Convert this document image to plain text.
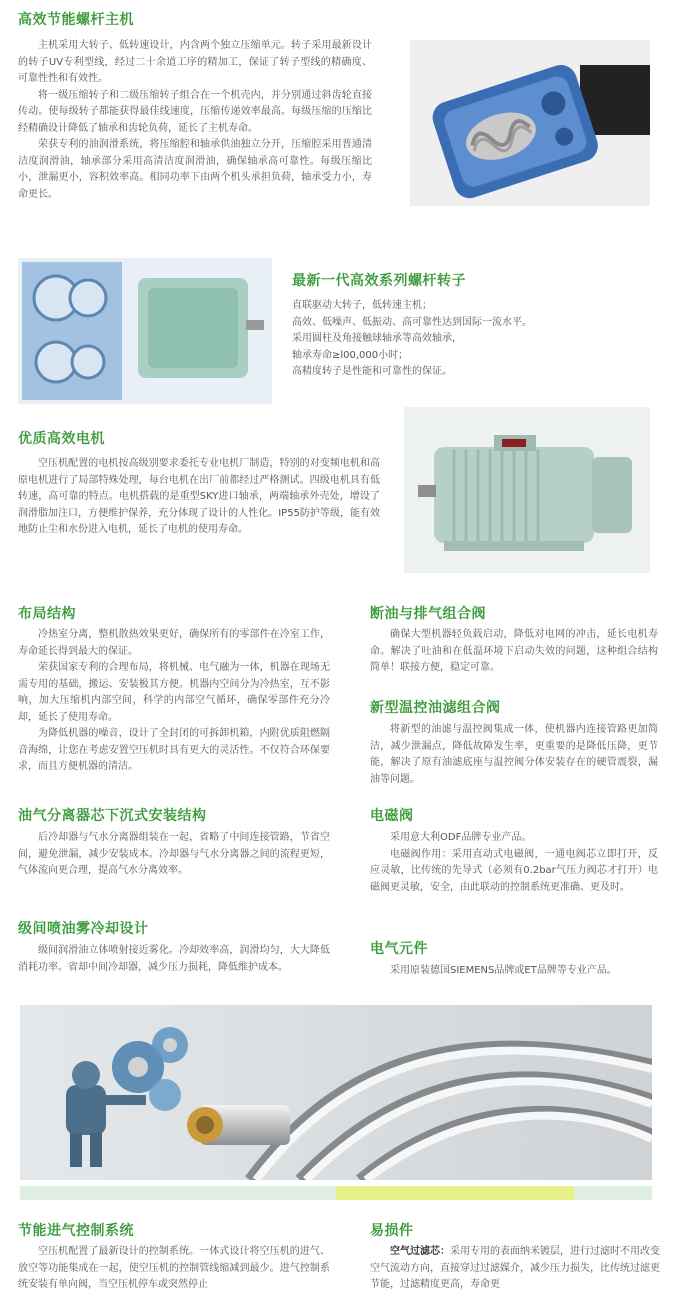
高效节能螺杆主机
主机采用大转子、低转速设计，内含两个独立压缩单元。转子采用最新设计的转子UV专利型线，经过二十余道工序的精加工，保证了转子型线的精确度、可靠性性和有效性。
将一级压缩转子和二级压缩转子组合在一个机壳内，并分别通过斜齿轮直接传动。使每级转子都能获得最佳线速度，压缩传递效率最高。每级压缩的压缩比经精确设计降低了轴承和齿轮负荷，延长了主机寿命。
荣获专利的油润滑系统，将压缩腔和轴承供油独立分开，压缩腔采用普通清洁度润滑油，轴承部分采用高清洁度润滑油，确保轴承高可靠性。每级压缩比小，泄漏更小，容积效率高。相同功率下由两个机头承担负荷，轴承受力小，寿命更长。
最新一代高效系列螺杆转子
直联驱动大转子，低转速主机；
高效、低噪声、低振动、高可靠性达到国际一流水平。
采用圆柱及角接触球轴承等高效轴承，
轴承寿命≥l00,000小时；
高精度转子是性能和可靠性的保证。
优质高效电机
空压机配置的电机按高级别要求委托专业电机厂制造，特别的对变频电机和高原电机进行了局部特殊处理，每台电机在出厂前都经过严格测试。四级电机具有低转速，高可靠的特点。电机搭载的是重型SKY进口轴承，两端轴承外壳处，增设了润滑脂加注口，方便维护保养，充分体现了设计的人性化。IP55防护等级，能有效地防止尘和水份进入电机，延长了电机的使用寿命。
布局结构
冷热室分离，整机散热效果更好，确保所有的零部件在冷室工作，寿命延长得到最大的保证。
荣获国家专利的合理布局，将机械、电气融为一体，机器在现场无需专用的基础，搬运、安装极其方便。机器内空间分为冷热室，互不影响，加大压缩机内部空间，科学的内部空气循环，确保零部件充分冷却，延长了使用寿命。
为降低机器的噪音，设计了全封闭的可拆卸机箱，内附优质阻燃隔音海绵，让您在考虑安置空压机时具有更大的灵活性。不仅符合环保要求，而且方便机器的清洁。
油气分离器芯下沉式安装结构
后冷却器与气水分离器组装在一起，省略了中间连接管路，节省空间，避免泄漏，减少安装成本。冷却器与气水分离器之间的流程更短，气体流向更合理，提高气水分离效率。
级间喷油雾冷却设计
级间润滑油立体喷射接近雾化。冷却效率高，润滑均匀，大大降低消耗功率。省却中间冷却器，减少压力损耗，降低维护成本。
断油与排气组合阀
确保大型机器轻负载启动，降低对电网的冲击，延长电机寿命。解决了吐油和在低温环境下启动失效的问题，这种组合结构简单！联接方便，稳定可靠。
新型温控油滤组合阀
将新型的油滤与温控阀集成一体，使机器内连接管路更加简洁，减少泄漏点，降低故障发生率，更重要的是降低压降，更节能，解决了原有油滤底座与温控阀分体安装存在的硬管震裂，漏油等问题。
电磁阀
采用意大利ODF品牌专业产品。
电磁阀作用：采用直动式电磁阀，一通电阀芯立即打开，反应灵敏，比传统的先导式（必须有0.2bar气压力阀芯才打开）电磁阀更灵敏，安全，由此联动的控制系统更准确、更及时。
电气元件
采用原装德国SIEMENS品牌或ET品牌等专业产品。
节能进气控制系统
空压机配置了最新设计的控制系统。一体式设计将空压机的进气、放空等功能集成在一起，使空压机的控制管线缩减到最少。进气控制系统安装有单向阀，当空压机停车或突然停止
易损件
空气过滤芯：采用专用的表面纳米镀层，进行过滤时不用改变空气流动方向，直接穿过过滤媒介，减少压力损失，比传统过滤更节能，过滤精度更高，寿命更
